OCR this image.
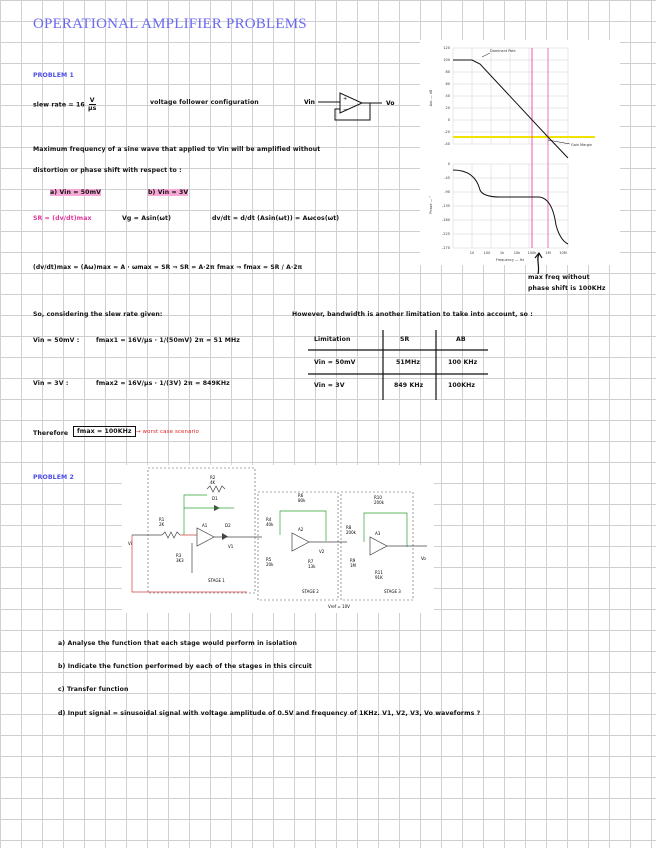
OPERATIONAL AMPLIFIER PROBLEMS
PROBLEM 1
slew rate = $16 \frac{V}{\mu s}$	voltage follower configuration	Vin	+
−
Vo
Maximum frequency of a sine wave that applied to Vin will be amplified without
distortion or phase shift with respect to :
a) Vin = 50mV	b) Vin = 3V
SR = (dv/dt)max	Vg = Asin(ωt)	dv/dt = d/dt (Asin(ωt)) = Aωcos(ωt)
(dv/dt)max = (Aω)max = A · ωmax = SR ⇒ SR = A·2π fmax ⇒ fmax = SR / A·2π
So, considering the slew rate given:
Vin = 50mV :	fmax1 = 16V/μs · 1/(50mV) 2π = 51 MHz
Vin = 3V :	fmax2 = 16V/μs · 1/(3V) 2π = 849KHz
Therefore	fmax = 100KHz → worst case scenario
However, bandwidth is another limitation to take into account, so :
Limitation	SR	AB
Vin = 50mV	51MHz	100 KHz
Vin = 3V	849 KHz	100KHz
120
100
80
60
40
20
0
-20
-40
0
-45
-90
-135
-180
-225
-270
10	100	1k	10k 100k	1M 10M
Frequency — Hz
AoL — dB
Phase — °
Dominant Pole
Gain Margin
max freq without
phase shift is 100KHz
PROBLEM 2
Vi
R1
2K
R2
4K
D1
A1	D2
V1
R3
3K3
STAGE 1
R4
40k
R6
80k
A2
V2
R5
20k
R7
13k
STAGE 2
R10
200k
R8
200k	A3
Vo
R9
1M
R11
91K
STAGE 3
Vref = 10V
a) Analyse the function that each stage would perform in isolation
b) Indicate the function performed by each of the stages in this circuit
c) Transfer function
d) Input signal = sinusoidal signal with voltage amplitude of 0.5V and frequency of 1KHz. V1, V2, V3, Vo waveforms ?
